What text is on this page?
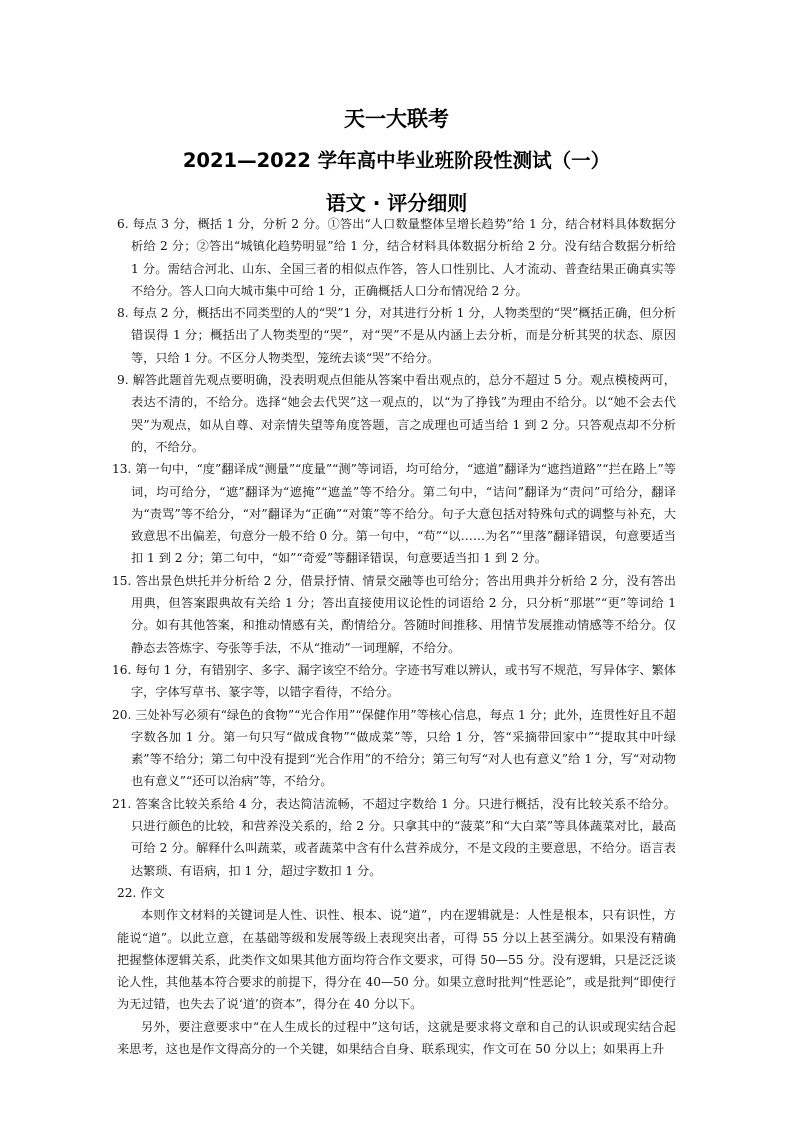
天一大联考
2021—2022 学年高中毕业班阶段性测试（一）
语文 · 评分细则

6. 每点 3 分，概括 1 分，分析 2 分。①答出“人口数量整体呈增长趋势”给 1 分，结合材料具体数据分析给 2 分；②答出“城镇化趋势明显”给 1 分，结合材料具体数据分析给 2 分。没有结合数据分析给 1 分。需结合河北、山东、全国三者的相似点作答，答人口性别比、人才流动、普查结果正确真实等不给分。答人口向大城市集中可给 1 分，正确概括人口分布情况给 2 分。

8. 每点 2 分，概括出不同类型的人的“哭”1 分，对其进行分析 1 分，人物类型的“哭”概括正确，但分析错误得 1 分；概括出了人物类型的“哭”，对“哭”不是从内涵上去分析，而是分析其哭的状态、原因等，只给 1 分。不区分人物类型，笼统去谈“哭”不给分。

9. 解答此题首先观点要明确，没表明观点但能从答案中看出观点的，总分不超过 5 分。观点模棱两可，表达不清的，不给分。选择“她会去代哭”这一观点的，以“为了挣钱”为理由不给分。以“她不会去代哭”为观点，如从自尊、对亲情失望等角度答题，言之成理也可适当给 1 到 2 分。只答观点却不分析的，不给分。

13. 第一句中，“度”翻译成“测量”“度量”“测”等词语，均可给分，“遮道”翻译为“遮挡道路”“拦在路上”等词，均可给分，“遮”翻译为“遮掩”“遮盖”等不给分。第二句中，“诘问”翻译为“责问”可给分，翻译为“责骂”等不给分，“对”翻译为“正确”“对策”等不给分。句子大意包括对特殊句式的调整与补充，大致意思不出偏差，句意分一般不给 0 分。第一句中，“苟”“以……为名”“里落”翻译错误，句意要适当扣 1 到 2 分；第二句中，“如”“奇爱”等翻译错误，句意要适当扣 1 到 2 分。

15. 答出景色烘托并分析给 2 分，借景抒情、情景交融等也可给分；答出用典并分析给 2 分，没有答出用典，但答案跟典故有关给 1 分；答出直接使用议论性的词语给 2 分，只分析“那堪”“更”等词给 1 分。如有其他答案，和推动情感有关，酌情给分。答随时间推移、用情节发展推动情感等不给分。仅静态去答炼字、夸张等手法，不从“推动”一词理解，不给分。

16. 每句 1 分，有错别字、多字、漏字该空不给分。字迹书写难以辨认，或书写不规范，写异体字、繁体字，字体写草书、篆字等，以错字看待，不给分。

20. 三处补写必须有“绿色的食物”“光合作用”“保健作用”等核心信息，每点 1 分；此外，连贯性好且不超字数各加 1 分。第一句只写“做成食物”“做成菜”等，只给 1 分，答“采摘带回家中”“提取其中叶绿素”等不给分；第二句中没有提到“光合作用”的不给分；第三句写“对人也有意义”给 1 分，写“对动物也有意义”“还可以治病”等，不给分。

21. 答案含比较关系给 4 分，表达简洁流畅，不超过字数给 1 分。只进行概括，没有比较关系不给分。只进行颜色的比较，和营养没关系的，给 2 分。只拿其中的“菠菜”和“大白菜”等具体蔬菜对比，最高可给 2 分。解释什么叫蔬菜，或者蔬菜中含有什么营养成分，不是文段的主要意思，不给分。语言表达繁琐、有语病，扣 1 分，超过字数扣 1 分。

22. 作文

本则作文材料的关键词是人性、识性、根本、说“道”，内在逻辑就是：人性是根本，只有识性，方能说“道”。以此立意，在基础等级和发展等级上表现突出者，可得 55 分以上甚至满分。如果没有精确把握整体逻辑关系，此类作文如果其他方面均符合作文要求，可得 50—55 分。没有逻辑，只是泛泛谈论人性，其他基本符合要求的前提下，得分在 40—50 分。如果立意时批判“性恶论”，或是批判“即使行为无过错，也失去了说‘道’的资本”，得分在 40 分以下。

另外，要注意要求中“在人生成长的过程中”这句话，这就是要求将文章和自己的认识或现实结合起来思考，这也是作文得高分的一个关键，如果结合自身、联系现实，作文可在 50 分以上；如果再上升
